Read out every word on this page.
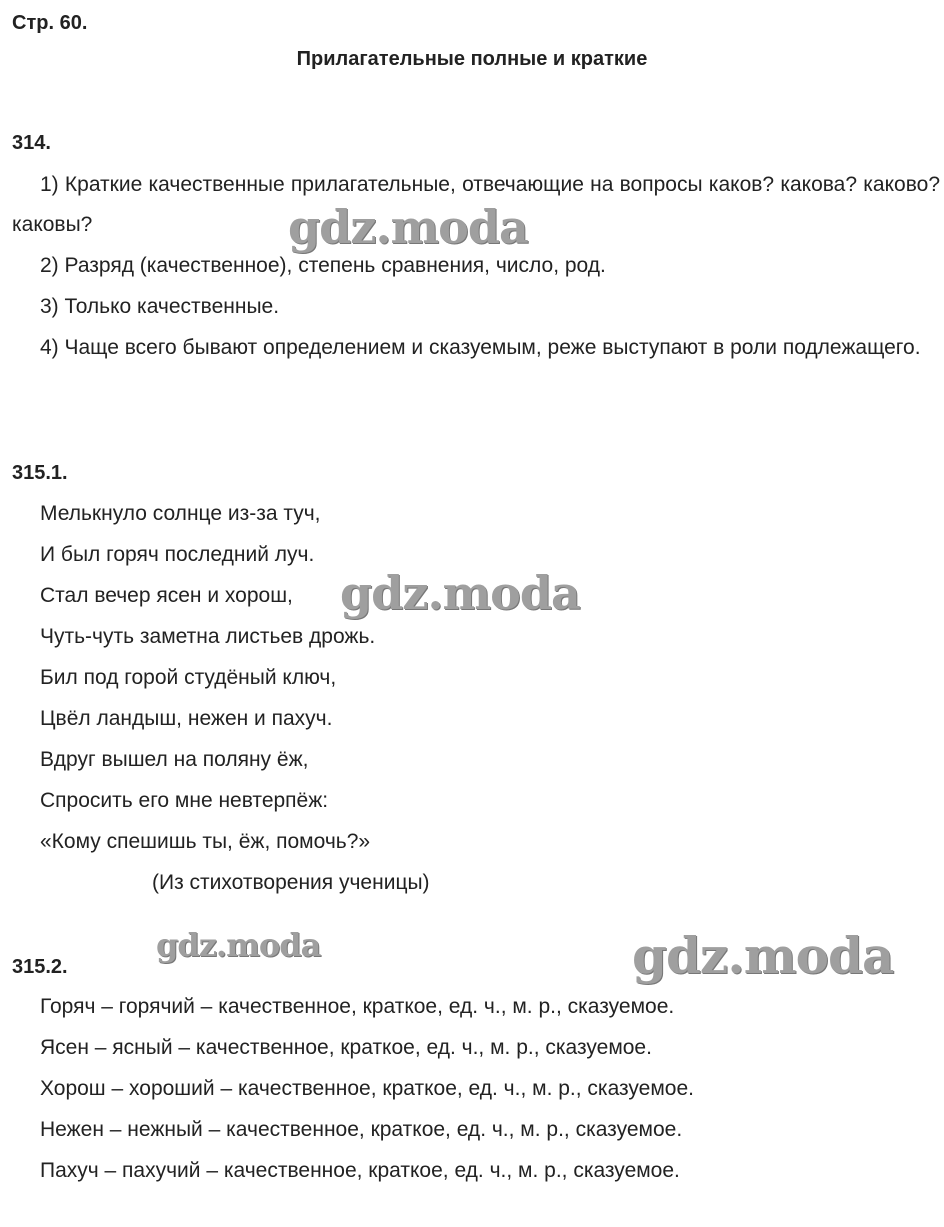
Стр. 60.
Прилагательные полные и краткие
314.
1) Краткие качественные прилагательные, отвечающие на вопросы каков? какова? каково? каковы?
2) Разряд (качественное), степень сравнения, число, род.
3) Только качественные.
4) Чаще всего бывают определением и сказуемым, реже выступают в роли подлежащего.
315.1.
Мелькнуло солнце из-за туч,
И был горяч последний луч.
Стал вечер ясен и хорош,
Чуть-чуть заметна листьев дрожь.
Бил под горой студёный ключ,
Цвёл ландыш, нежен и пахуч.
Вдруг вышел на поляну ёж,
Спросить его мне невтерпёж:
«Кому спешишь ты, ёж, помочь?»
(Из стихотворения ученицы)
315.2.
Горяч – горячий – качественное, краткое, ед. ч., м. р., сказуемое.
Ясен – ясный – качественное, краткое, ед. ч., м. р., сказуемое.
Хорош – хороший – качественное, краткое, ед. ч., м. р., сказуемое.
Нежен – нежный – качественное, краткое, ед. ч., м. р., сказуемое.
Пахуч – пахучий – качественное, краткое, ед. ч., м. р., сказуемое.
gdz.moda
gdz.moda
gdz.moda	gdz.moda
